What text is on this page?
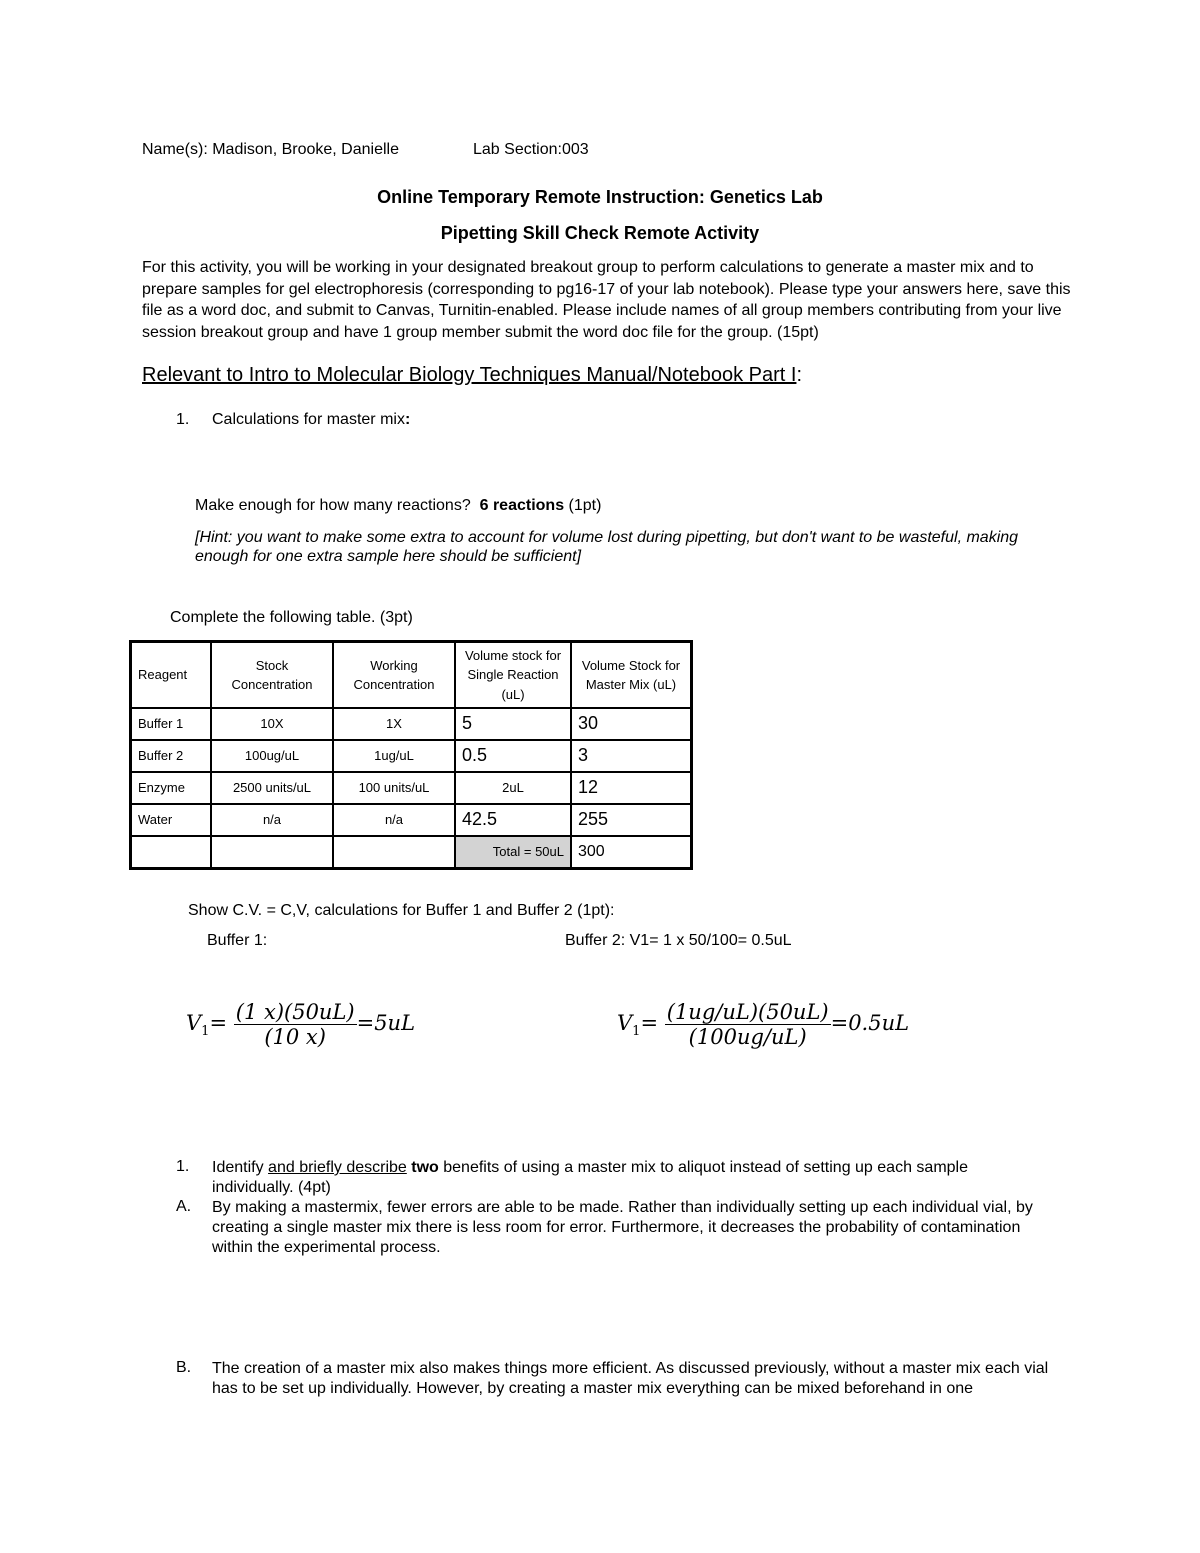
Name(s): Madison, Brooke, Danielle	Lab Section:003
Online Temporary Remote Instruction: Genetics Lab
Pipetting Skill Check Remote Activity
For this activity, you will be working in your designated breakout group to perform calculations to generate a master mix and to prepare samples for gel electrophoresis (corresponding to pg16-17 of your lab notebook). Please type your answers here, save this file as a word doc, and submit to Canvas, Turnitin-enabled. Please include names of all group members contributing from your live session breakout group and have 1 group member submit the word doc file for the group. (15pt)
Relevant to Intro to Molecular Biology Techniques Manual/Notebook Part I:
1. Calculations for master mix:
Make enough for how many reactions? 6 reactions (1pt)
[Hint: you want to make some extra to account for volume lost during pipetting, but don't want to be wasteful, making enough for one extra sample here should be sufficient]
Complete the following table. (3pt)
Reagent	Stock Concentration	Working Concentration	Volume stock for Single Reaction (uL)	Volume Stock for Master Mix (uL)
Buffer 1	10X	1X	5	30
Buffer 2	100ug/uL	1ug/uL	0.5	3
Enzyme	2500 units/uL	100 units/uL	2uL	12
Water	n/a	n/a	42.5	255
			Total = 50uL	300
Show C.V. = C,V, calculations for Buffer 1 and Buffer 2 (1pt):
Buffer 1:	Buffer 2: V1= 1 x 50/100= 0.5uL
$V_1= \frac{(1 x)(50uL)}{(10 x)} =5uL$	$V_1= \frac{(1ug/uL)(50uL)}{(100ug/uL)} =0.5uL$
1. Identify and briefly describe two benefits of using a master mix to aliquot instead of setting up each sample individually. (4pt)
A. By making a mastermix, fewer errors are able to be made. Rather than individually setting up each individual vial, by creating a single master mix there is less room for error. Furthermore, it decreases the probability of contamination within the experimental process.
B. The creation of a master mix also makes things more efficient. As discussed previously, without a master mix each vial has to be set up individually. However, by creating a master mix everything can be mixed beforehand in one
